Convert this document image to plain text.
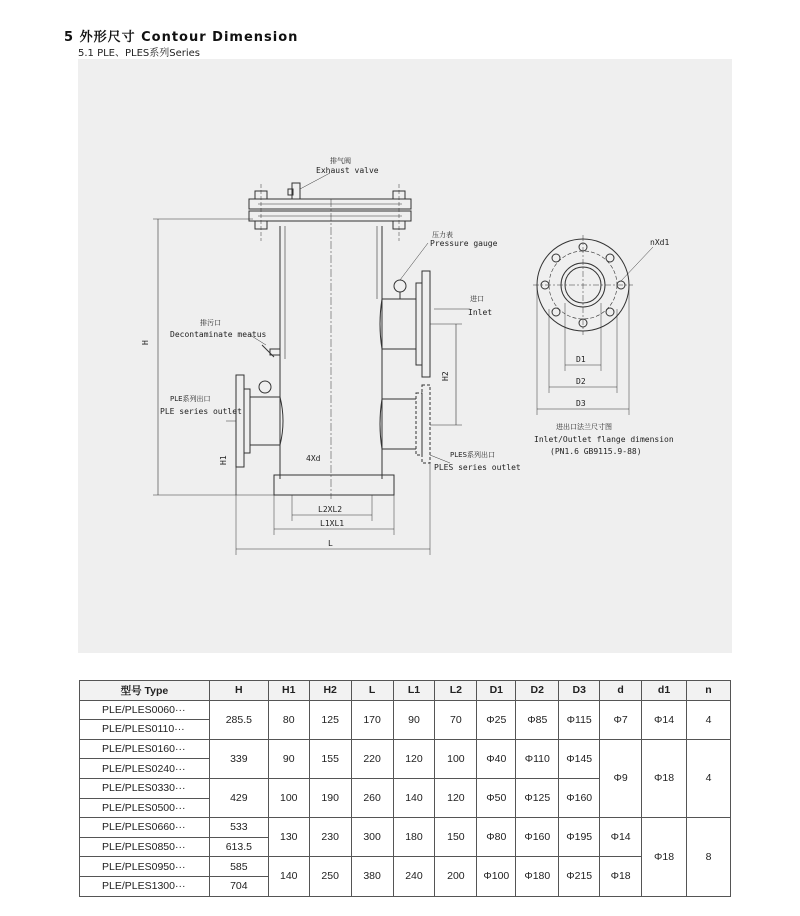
5 外形尺寸 Contour Dimension
5.1 PLE、PLES系列Series
排气阀
Exhaust valve
压力表
Pressure gauge
进口
Inlet
排污口
Decontaminate meatus
PLE系列出口
PLE series outlet
PLES系列出口
PLES series outlet
H
H1
H2
4Xd
L2XL2
L1XL1
L
nXd1
D1
D2
D3
进出口法兰尺寸图
Inlet/Outlet flange dimension
(PN1.6 GB9115.9-88)
型号 Type	H	H1	H2	L	L1	L2	D1	D2	D3	d	d1	n
PLE/PLES0060···	285.5	80	125	170	90	70	Φ25	Φ85	Φ115	Φ7	Φ14	4
PLE/PLES0110···												
PLE/PLES0160···	339	90	155	220	120	100	Φ40	Φ110	Φ145	Φ9	Φ18	4
PLE/PLES0240···												
PLE/PLES0330···	429	100	190	260	140	120	Φ50	Φ125	Φ160			
PLE/PLES0500···												
PLE/PLES0660···	533	130	230	300	180	150	Φ80	Φ160	Φ195	Φ14	Φ18	8
PLE/PLES0850···	613.5											
PLE/PLES0950···	585	140	250	380	240	200	Φ100	Φ180	Φ215	Φ18		
PLE/PLES1300···	704											
